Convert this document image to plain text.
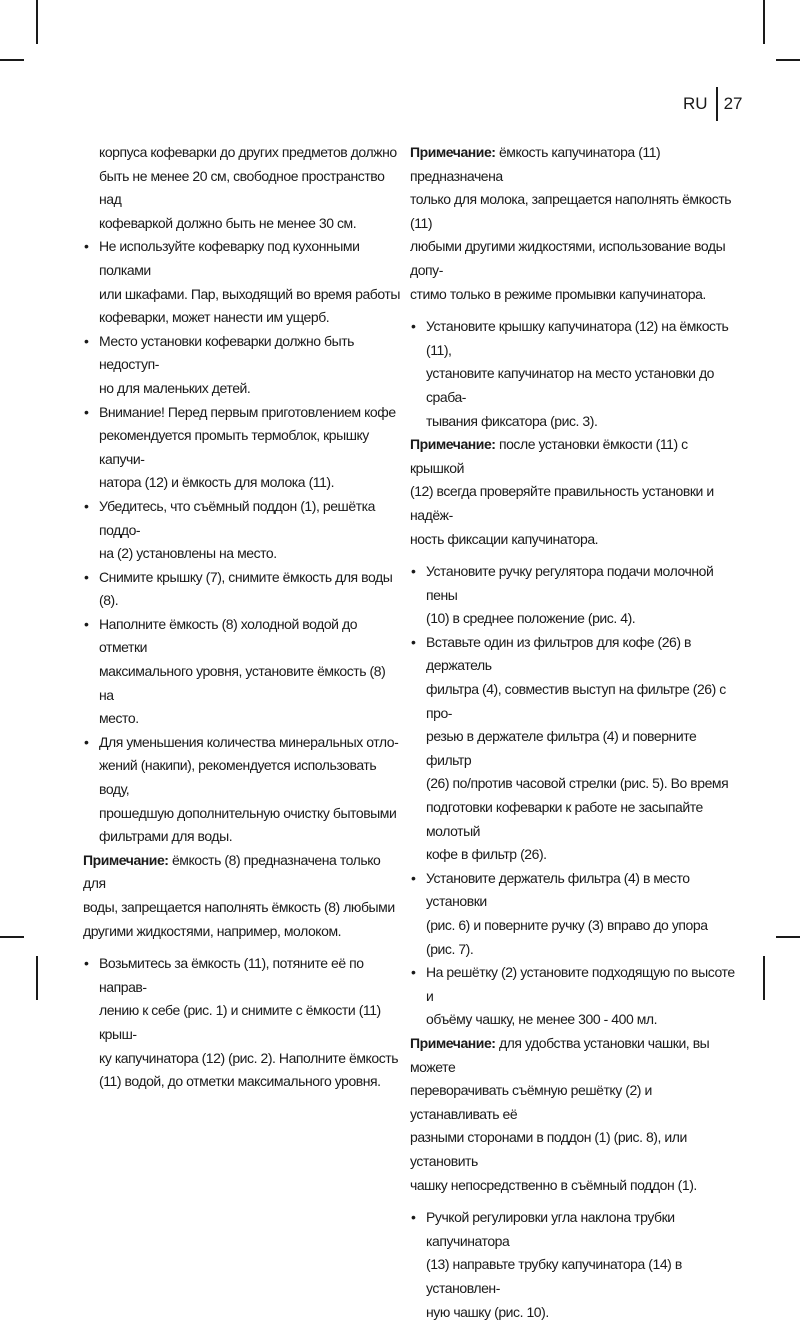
RU 27
корпуса кофеварки до других предметов должно
быть не менее 20 см, свободное пространство над
кофеваркой должно быть не менее 30 см.
• Не используйте кофеварку под кухонными полками
или шкафами. Пар, выходящий во время работы
кофеварки, может нанести им ущерб.
• Место установки кофеварки должно быть недоступ-
но для маленьких детей.
• Внимание! Перед первым приготовлением кофе
рекомендуется промыть термоблок, крышку капучи-
натора (12) и ёмкость для молока (11).
• Убедитесь, что съёмный поддон (1), решётка поддо-
на (2) установлены на место.
• Снимите крышку (7), снимите ёмкость для воды (8).
• Наполните ёмкость (8) холодной водой до отметки
максимального уровня, установите ёмкость (8) на
место.
• Для уменьшения количества минеральных отло-
жений (накипи), рекомендуется использовать воду,
прошедшую дополнительную очистку бытовыми
фильтрами для воды.
Примечание: ёмкость (8) предназначена только для
воды, запрещается наполнять ёмкость (8) любыми
другими жидкостями, например, молоком.
• Возьмитесь за ёмкость (11), потяните её по направ-
лению к себе (рис. 1) и снимите с ёмкости (11) крыш-
ку капучинатора (12) (рис. 2). Наполните ёмкость
(11) водой, до отметки максимального уровня.
Примечание: ёмкость капучинатора (11) предназначена
только для молока, запрещается наполнять ёмкость (11)
любыми другими жидкостями, использование воды допу-
стимо только в режиме промывки капучинатора.
• Установите крышку капучинатора (12) на ёмкость (11),
установите капучинатор на место установки до сраба-
тывания фиксатора (рис. 3).
Примечание: после установки ёмкости (11) с крышкой
(12) всегда проверяйте правильность установки и надёж-
ность фиксации капучинатора.
• Установите ручку регулятора подачи молочной пены
(10) в среднее положение (рис. 4).
• Вставьте один из фильтров для кофе (26) в держатель
фильтра (4), совместив выступ на фильтре (26) с про-
резью в держателе фильтра (4) и поверните фильтр
(26) по/против часовой стрелки (рис. 5). Во время
подготовки кофеварки к работе не засыпайте молотый
кофе в фильтр (26).
• Установите держатель фильтра (4) в место установки
(рис. 6) и поверните ручку (3) вправо до упора (рис. 7).
• На решётку (2) установите подходящую по высоте и
объёму чашку, не менее 300 - 400 мл.
Примечание: для удобства установки чашки, вы можете
переворачивать съёмную решётку (2) и устанавливать её
разными сторонами в поддон (1) (рис. 8), или установить
чашку непосредственно в съёмный поддон (1).
• Ручкой регулировки угла наклона трубки капучинатора
(13) направьте трубку капучинатора (14) в установлен-
ную чашку (рис. 10).
